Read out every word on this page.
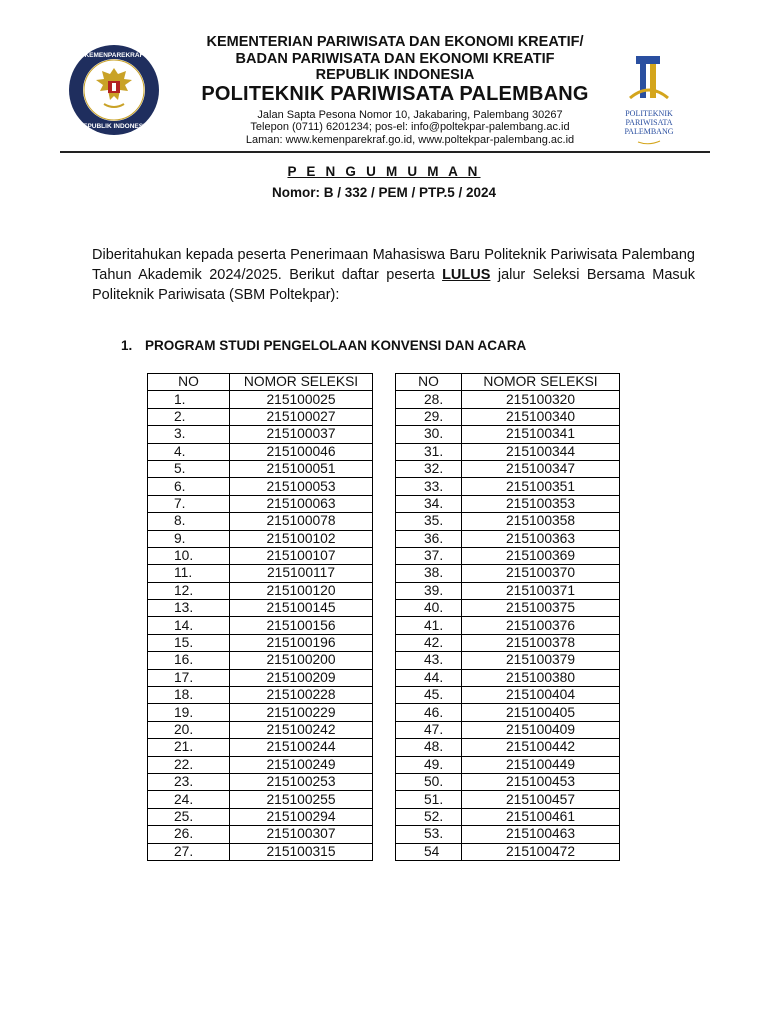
KEMENPAREKRAF
REPUBLIK INDONESIA
POLITEKNIK
PARIWISATA
PALEMBANG
KEMENTERIAN PARIWISATA DAN EKONOMI KREATIF/
BADAN PARIWISATA DAN EKONOMI KREATIF
REPUBLIK INDONESIA
POLITEKNIK PARIWISATA PALEMBANG
Jalan Sapta Pesona Nomor 10, Jakabaring, Palembang 30267
Telepon (0711) 6201234; pos-el: info@poltekpar-palembang.ac.id
Laman: www.kemenparekraf.go.id, www.poltekpar-palembang.ac.id
P E N G U M U M A N
Nomor: B / 332 / PEM / PTP.5 / 2024
Diberitahukan kepada peserta Penerimaan Mahasiswa Baru Politeknik Pariwisata Palembang Tahun Akademik 2024/2025. Berikut daftar peserta LULUS jalur Seleksi Bersama Masuk Politeknik Pariwisata (SBM Poltekpar):
1. PROGRAM STUDI PENGELOLAAN KONVENSI DAN ACARA
NO	NOMOR SELEKSI
1.	215100025
2.	215100027
3.	215100037
4.	215100046
5.	215100051
6.	215100053
7.	215100063
8.	215100078
9.	215100102
10.	215100107
11.	215100117
12.	215100120
13.	215100145
14.	215100156
15.	215100196
16.	215100200
17.	215100209
18.	215100228
19.	215100229
20.	215100242
21.	215100244
22.	215100249
23.	215100253
24.	215100255
25.	215100294
26.	215100307
27.	215100315
NO	NOMOR SELEKSI
28.	215100320
29.	215100340
30.	215100341
31.	215100344
32.	215100347
33.	215100351
34.	215100353
35.	215100358
36.	215100363
37.	215100369
38.	215100370
39.	215100371
40.	215100375
41.	215100376
42.	215100378
43.	215100379
44.	215100380
45.	215100404
46.	215100405
47.	215100409
48.	215100442
49.	215100449
50.	215100453
51.	215100457
52.	215100461
53.	215100463
54	215100472
